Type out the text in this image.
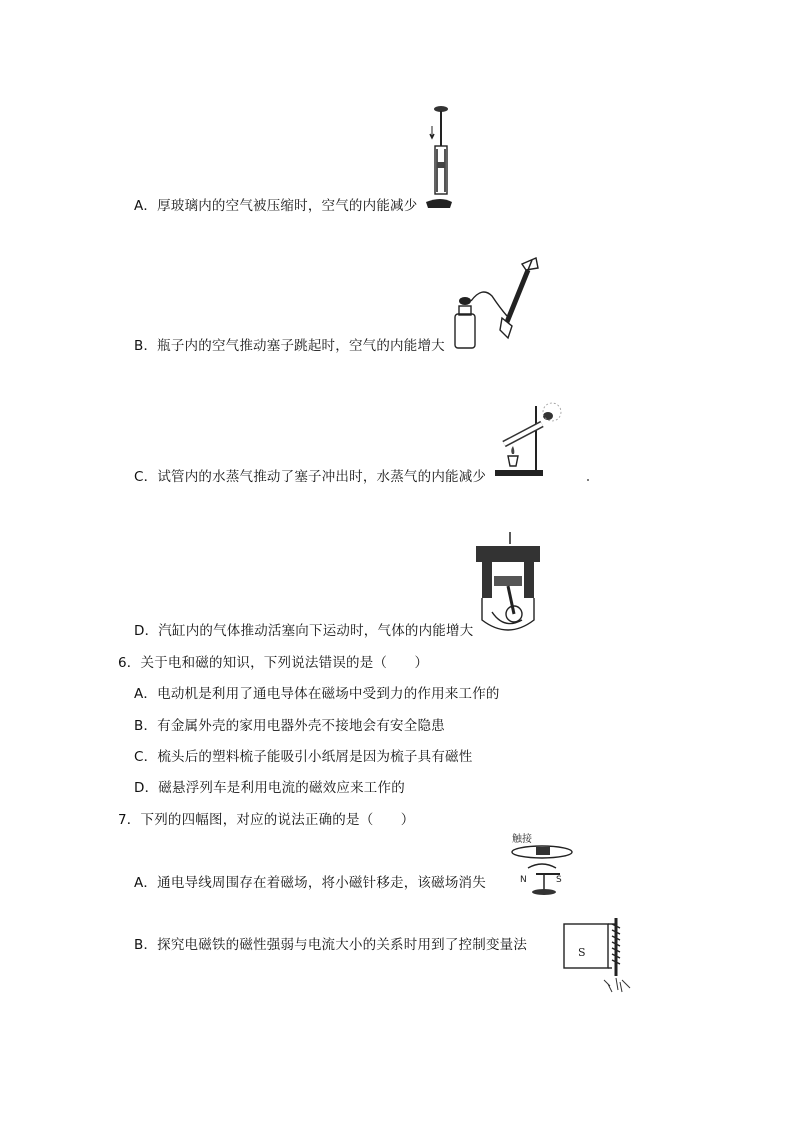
A．厚玻璃内的空气被压缩时，空气的内能减少
B．瓶子内的空气推动塞子跳起时，空气的内能增大
C．试管内的水蒸气推动了塞子冲出时，水蒸气的内能减少
D．汽缸内的气体推动活塞向下运动时，气体的内能增大
6．关于电和磁的知识，下列说法错误的是（　　）
A．电动机是利用了通电导体在磁场中受到力的作用来工作的
B．有金属外壳的家用电器外壳不接地会有安全隐患
C．梳头后的塑料梳子能吸引小纸屑是因为梳子具有磁性
D．磁悬浮列车是利用电流的磁效应来工作的
7．下列的四幅图，对应的说法正确的是（　　）
触接
N	S
A．通电导线周围存在着磁场，将小磁针移走，该磁场消失
S
B．探究电磁铁的磁性强弱与电流大小的关系时用到了控制变量法
